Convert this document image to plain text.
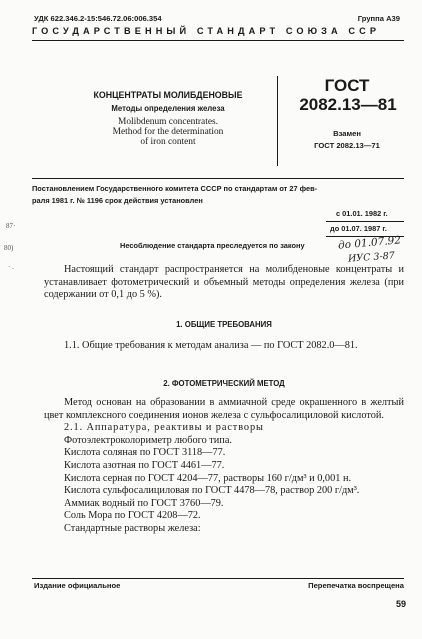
УДК 622.346.2-15:546.72.06:006.354	Группа А39
ГОСУДАРСТВЕННЫЙ СТАНДАРТ СОЮЗА ССР
КОНЦЕНТРАТЫ МОЛИБДЕНОВЫЕ
Методы определения железа
Molibdenum concentrates.
Method for the determination
of iron content
ГОСТ
2082.13—81
Взамен
ГОСТ 2082.13—71
Постановлением Государственного комитета СССР по стандартам от 27 фев-
раля 1981 г. № 1196 срок действия установлен
с 01.01. 1982 г.
до 01.07. 1987 г.
Несоблюдение стандарта преследуется по закону	до 01.07.92
ИУС 3-87
87·
80)
· .	Настоящий стандарт распространяется на молибденовые концентраты и устанавливает фотометрический и объемный методы определения железа (при содержании от 0,1 до 5 %).

1. ОБЩИЕ ТРЕБОВАНИЯ

1.1. Общие требования к методам анализа — по ГОСТ 2082.0—81.

2. ФОТОМЕТРИЧЕСКИЙ МЕТОД

Метод основан на образовании в аммиачной среде окрашенного в желтый цвет комплексного соединения ионов железа с сульфосалициловой кислотой.

2.1. Аппаратура, реактивы и растворы

Фотоэлектроколориметр любого типа.

Кислота соляная по ГОСТ 3118—77.

Кислота азотная по ГОСТ 4461—77.

Кислота серная по ГОСТ 4204—77, растворы 160 г/дм³ и 0,001 н.

Кислота сульфосалициловая по ГОСТ 4478—78, раствор 200 г/дм³.

Аммиак водный по ГОСТ 3760—79.

Соль Мора по ГОСТ 4208—72.

Стандартные растворы железа:

Издание официальное	Перепечатка воспрещена
59
